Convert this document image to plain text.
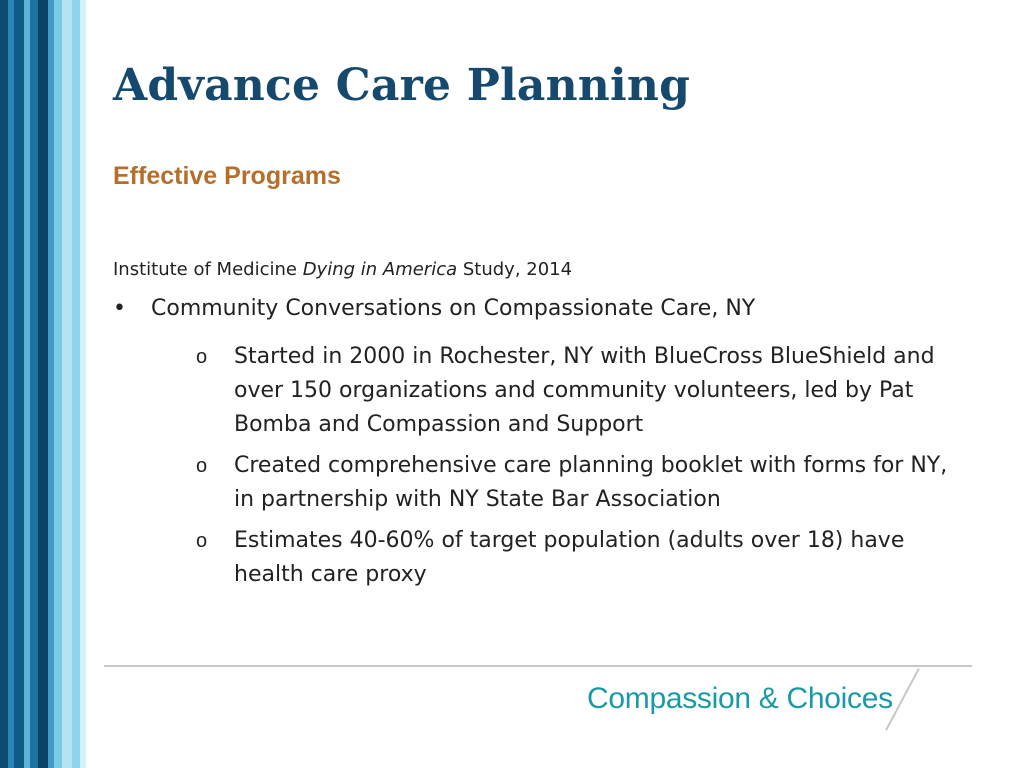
Advance Care Planning
Effective Programs
Institute of Medicine Dying in America Study, 2014
• Community Conversations on Compassionate Care, NY
o	Started in 2000 in Rochester, NY with BlueCross BlueShield and over 150 organizations and community volunteers, led by Pat Bomba and Compassion and Support
o	Created comprehensive care planning booklet with forms for NY, in partnership with NY State Bar Association
o	Estimates 40-60% of target population (adults over 18) have health care proxy
Compassion & Choices
